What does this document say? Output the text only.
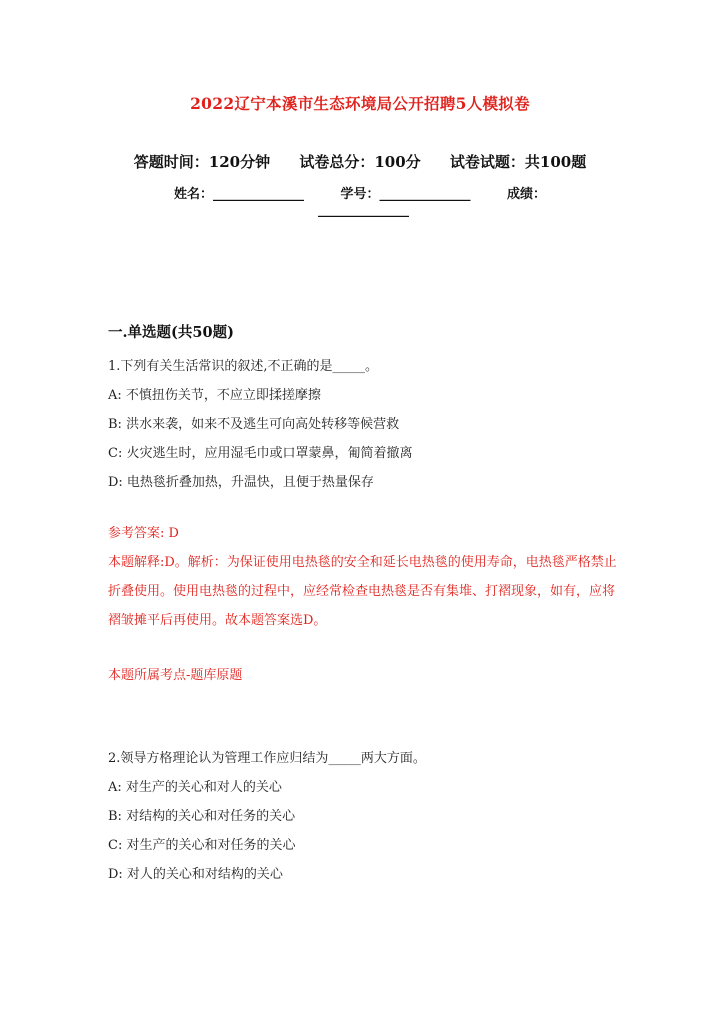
2022辽宁本溪市生态环境局公开招聘5人模拟卷
答题时间：120分钟 试卷总分：100分 试卷试题：共100题
姓名：______________	学号：______________	成绩：
______________
一.单选题(共50题)
1.下列有关生活常识的叙述,不正确的是_____。
A: 不慎扭伤关节，不应立即揉搓摩擦
B: 洪水来袭，如来不及逃生可向高处转移等候营救
C: 火灾逃生时，应用湿毛巾或口罩蒙鼻，匍简着撤离
D: 电热毯折叠加热，升温快，且便于热量保存
参考答案: D
本题解释:D。解析：为保证使用电热毯的安全和延长电热毯的使用寿命，电热毯严格禁止折叠使用。使用电热毯的过程中，应经常检查电热毯是否有集堆、打褶现象，如有，应将褶皱摊平后再使用。故本题答案选D。
本题所属考点-题库原题
2.领导方格理论认为管理工作应归结为_____两大方面。
A: 对生产的关心和对人的关心
B: 对结构的关心和对任务的关心
C: 对生产的关心和对任务的关心
D: 对人的关心和对结构的关心
